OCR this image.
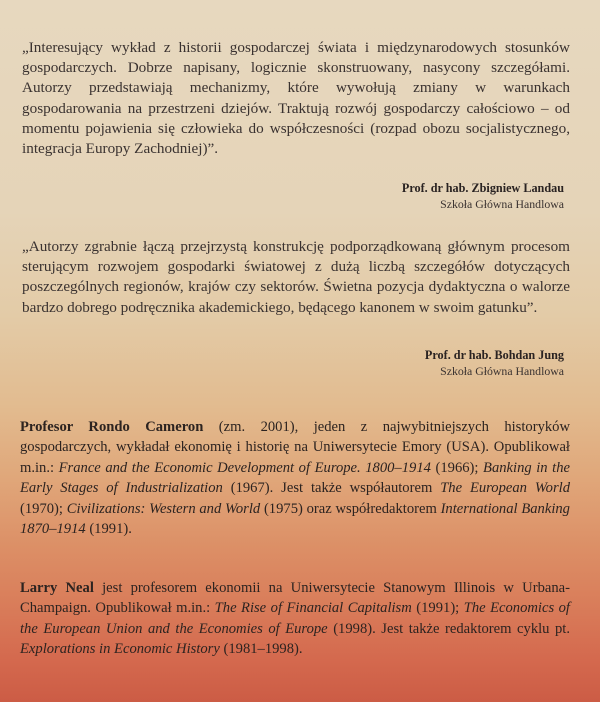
„Interesujący wykład z historii gospodarczej świata i międzynarodowych stosunków gospodarczych. Dobrze napisany, logicznie skonstruowany, nasycony szczegółami. Autorzy przedstawiają mechanizmy, które wywołują zmiany w warunkach gospodarowania na przestrzeni dziejów. Traktują rozwój gospodarczy całościowo – od momentu pojawienia się człowieka do współczesności (rozpad obozu socjalistycznego, integracja Europy Zachodniej)”.

Prof. dr hab. Zbigniew Landau
Szkoła Główna Handlowa

„Autorzy zgrabnie łączą przejrzystą konstrukcję podporządkowaną głównym procesom sterującym rozwojem gospodarki światowej z dużą liczbą szczegółów dotyczących poszczególnych regionów, krajów czy sektorów. Świetna pozycja dydaktyczna o walorze bardzo dobrego podręcznika akademickiego, będącego kanonem w swoim gatunku”.

Prof. dr hab. Bohdan Jung
Szkoła Główna Handlowa

Profesor Rondo Cameron (zm. 2001), jeden z najwybitniejszych historyków gospodarczych, wykładał ekonomię i historię na Uniwersytecie Emory (USA). Opublikował m.in.: France and the Economic Development of Europe. 1800–1914 (1966); Banking in the Early Stages of Industrialization (1967). Jest także współautorem The European World (1970); Civilizations: Western and World (1975) oraz współredaktorem International Banking 1870–1914 (1991).

Larry Neal jest profesorem ekonomii na Uniwersytecie Stanowym Illinois w Urbana-Champaign. Opublikował m.in.: The Rise of Financial Capitalism (1991); The Economics of the European Union and the Economies of Europe (1998). Jest także redaktorem cyklu pt. Explorations in Economic History (1981–1998).
